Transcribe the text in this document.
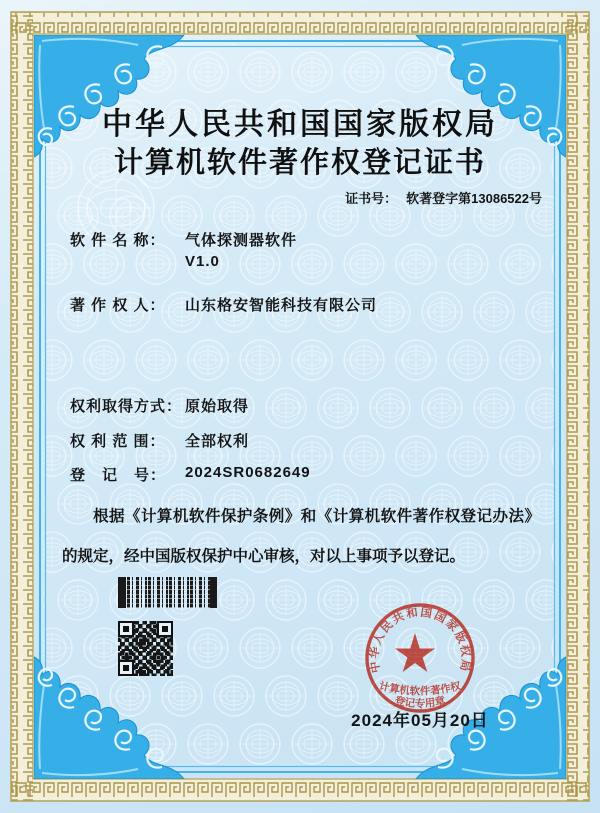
中华人民共和国国家版权局
计算机软件著作权登记证书
证书号： 软著登字第13086522号
软 件 名 称： 气体探测器软件
V1.0
著 作 权 人： 山东格安智能科技有限公司
权利取得方式： 原始取得
权 利 范 围： 全部权利
登　记　号： 2024SR0682649
根据《计算机软件保护条例》和《计算机软件著作权登记办法》的规定，经中国版权保护中心审核，对以上事项予以登记。
中华人民共和国国家版权局
计算机软件著作权
登记专用章
2024年05月20日
